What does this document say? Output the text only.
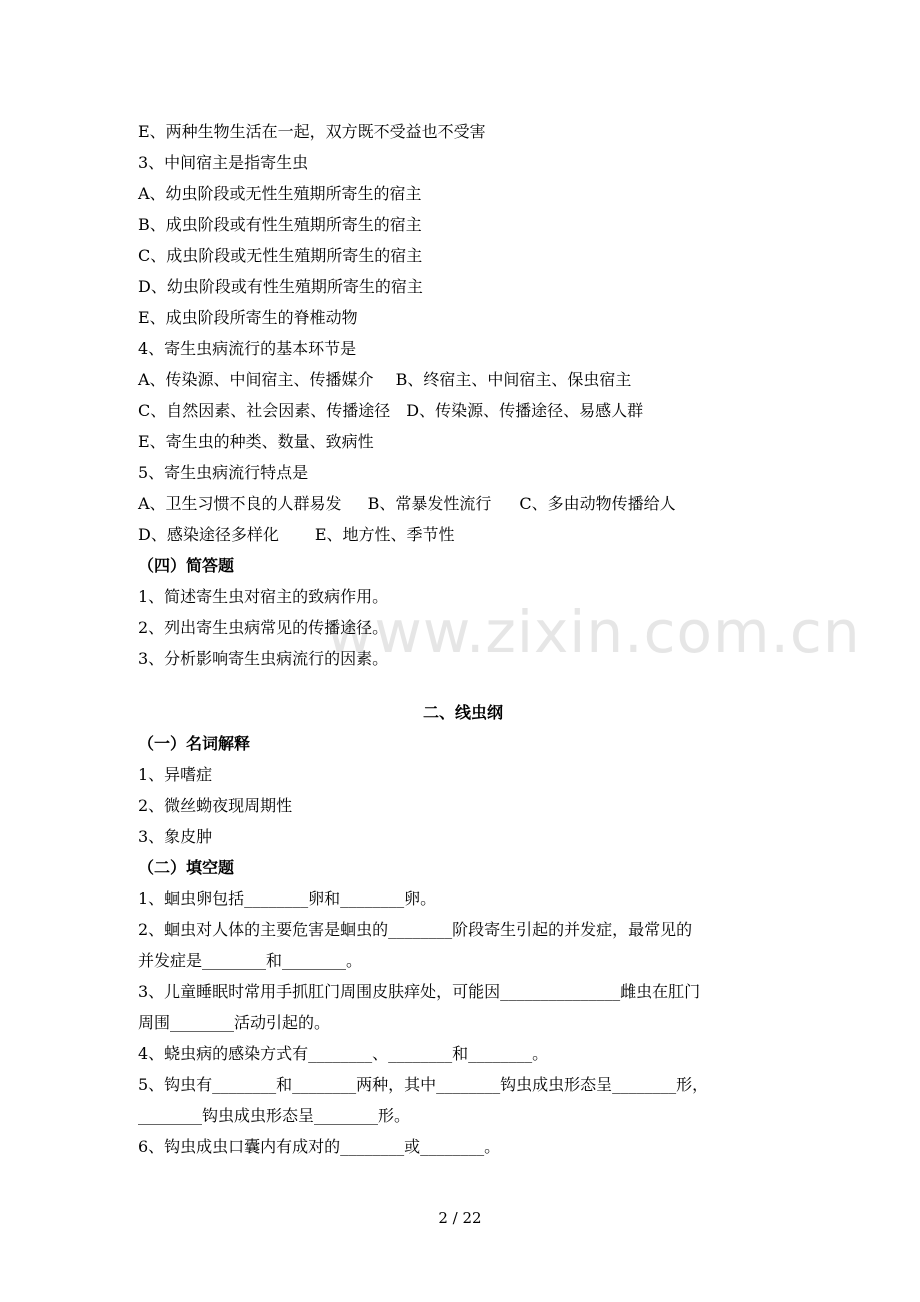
www.zixin.com.cn
E、两种生物生活在一起，双方既不受益也不受害
3、中间宿主是指寄生虫
A、幼虫阶段或无性生殖期所寄生的宿主
B、成虫阶段或有性生殖期所寄生的宿主
C、成虫阶段或无性生殖期所寄生的宿主
D、幼虫阶段或有性生殖期所寄生的宿主
E、成虫阶段所寄生的脊椎动物
4、寄生虫病流行的基本环节是
A、传染源、中间宿主、传播媒介 B、终宿主、中间宿主、保虫宿主
C、自然因素、社会因素、传播途径 D、传染源、传播途径、易感人群
E、寄生虫的种类、数量、致病性
5、寄生虫病流行特点是
A、卫生习惯不良的人群易发 B、常暴发性流行 C、多由动物传播给人
D、感染途径多样化 E、地方性、季节性
（四）简答题
1、简述寄生虫对宿主的致病作用。
2、列出寄生虫病常见的传播途径。
3、分析影响寄生虫病流行的因素。
二、线虫纲
（一）名词解释
1、异嗜症
2、微丝蚴夜现周期性
3、象皮肿
（二）填空题
1、蛔虫卵包括________卵和________卵。
2、蛔虫对人体的主要危害是蛔虫的________阶段寄生引起的并发症，最常见的
并发症是________和________。
3、儿童睡眠时常用手抓肛门周围皮肤痒处，可能因_______________雌虫在肛门
周围________活动引起的。
4、蛲虫病的感染方式有________、________和________。
5、钩虫有________和________两种，其中________钩虫成虫形态呈________形，
________钩虫成虫形态呈________形。
6、钩虫成虫口囊内有成对的________或________。
2 / 22
